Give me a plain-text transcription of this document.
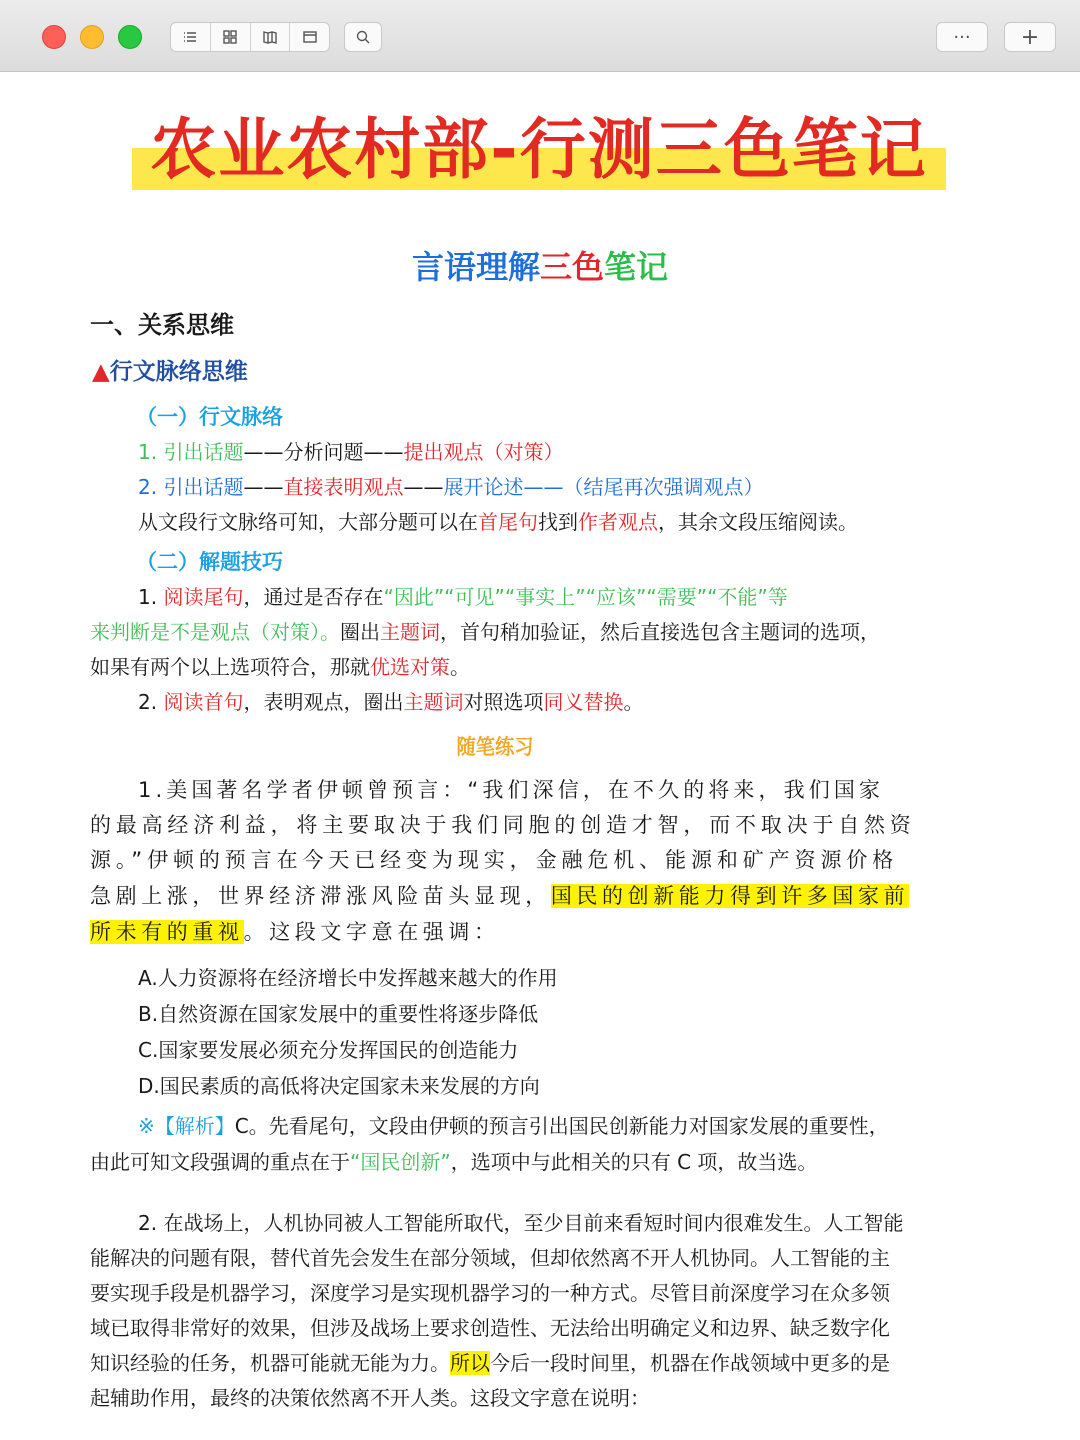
··· +
农业农村部-行测三色笔记
言语理解三色笔记
一、关系思维
▲行文脉络思维
（一）行文脉络
1. 引出话题——分析问题——提出观点（对策）
2. 引出话题——直接表明观点——展开论述——（结尾再次强调观点）
从文段行文脉络可知，大部分题可以在首尾句找到作者观点，其余文段压缩阅读。
（二）解题技巧
1. 阅读尾句，通过是否存在“因此”“可见”“事实上”“应该”“需要”“不能”等
来判断是不是观点（对策）。圈出主题词，首句稍加验证，然后直接选包含主题词的选项，
如果有两个以上选项符合，那就优选对策。
2. 阅读首句，表明观点，圈出主题词对照选项同义替换。
随笔练习
1.美国著名学者伊顿曾预言：“我们深信，在不久的将来，我们国家
的最高经济利益，将主要取决于我们同胞的创造才智，而不取决于自然资
源。”伊顿的预言在今天已经变为现实，金融危机、能源和矿产资源价格
急剧上涨，世界经济滞涨风险苗头显现，国民的创新能力得到许多国家前
所未有的重视。这段文字意在强调：
A.人力资源将在经济增长中发挥越来越大的作用
B.自然资源在国家发展中的重要性将逐步降低
C.国家要发展必须充分发挥国民的创造能力
D.国民素质的高低将决定国家未来发展的方向
※【解析】C。先看尾句，文段由伊顿的预言引出国民创新能力对国家发展的重要性，
由此可知文段强调的重点在于“国民创新”，选项中与此相关的只有 C 项，故当选。
2. 在战场上，人机协同被人工智能所取代，至少目前来看短时间内很难发生。人工智能
能解决的问题有限，替代首先会发生在部分领域，但却依然离不开人机协同。人工智能的主
要实现手段是机器学习，深度学习是实现机器学习的一种方式。尽管目前深度学习在众多领
域已取得非常好的效果，但涉及战场上要求创造性、无法给出明确定义和边界、缺乏数字化
知识经验的任务，机器可能就无能为力。所以今后一段时间里，机器在作战领域中更多的是
起辅助作用，最终的决策依然离不开人类。这段文字意在说明：
